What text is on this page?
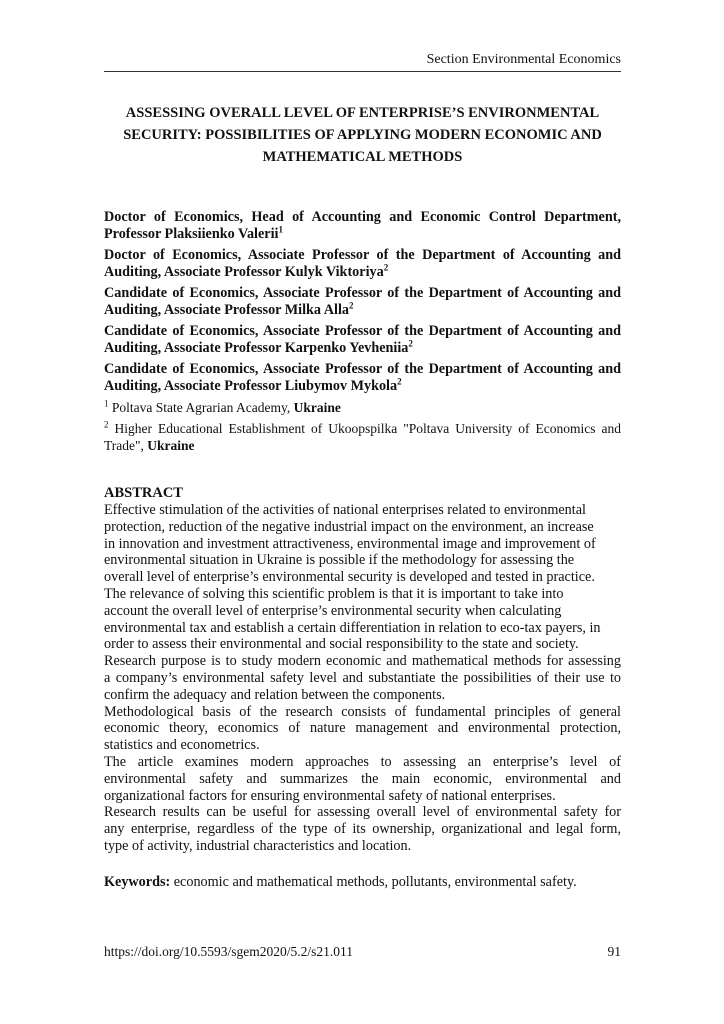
Section Environmental Economics
ASSESSING OVERALL LEVEL OF ENTERPRISE’S ENVIRONMENTAL
SECURITY: POSSIBILITIES OF APPLYING MODERN ECONOMIC AND
MATHEMATICAL METHODS
Doctor of Economics, Head of Accounting and Economic Control Department,
Professor Plaksiienko Valerii$^1$
Doctor of Economics, Associate Professor of the Department of Accounting and
Auditing, Associate Professor Kulyk Viktoriya$^2$
Candidate of Economics, Associate Professor of the Department of Accounting and
Auditing, Associate Professor Milka Alla$^2$
Candidate of Economics, Associate Professor of the Department of Accounting and
Auditing, Associate Professor Karpenko Yevheniia$^2$
Candidate of Economics, Associate Professor of the Department of Accounting and
Auditing, Associate Professor Liubymov Mykola$^2$
$^1$ Poltava State Agrarian Academy, Ukraine
$^2$ Higher Educational Establishment of Ukoopspilka "Poltava University of Economics and
Trade", Ukraine
ABSTRACT
Effective stimulation of the activities of national enterprises related to environmental
protection, reduction of the negative industrial impact on the environment, an increase
in innovation and investment attractiveness, environmental image and improvement of
environmental situation in Ukraine is possible if the methodology for assessing the
overall level of enterprise’s environmental security is developed and tested in practice.
The relevance of solving this scientific problem is that it is important to take into
account the overall level of enterprise’s environmental security when calculating
environmental tax and establish a certain differentiation in relation to eco-tax payers, in
order to assess their environmental and social responsibility to the state and society.
Research purpose is to study modern economic and mathematical methods for assessing
a company’s environmental safety level and substantiate the possibilities of their use to
confirm the adequacy and relation between the components.
Methodological basis of the research consists of fundamental principles of general
economic theory, economics of nature management and environmental protection,
statistics and econometrics.
The article examines modern approaches to assessing an enterprise’s level of
environmental safety and summarizes the main economic, environmental and
organizational factors for ensuring environmental safety of national enterprises.
Research results can be useful for assessing overall level of environmental safety for
any enterprise, regardless of the type of its ownership, organizational and legal form,
type of activity, industrial characteristics and location.
Keywords: economic and mathematical methods, pollutants, environmental safety.
https://doi.org/10.5593/sgem2020/5.2/s21.011	91
